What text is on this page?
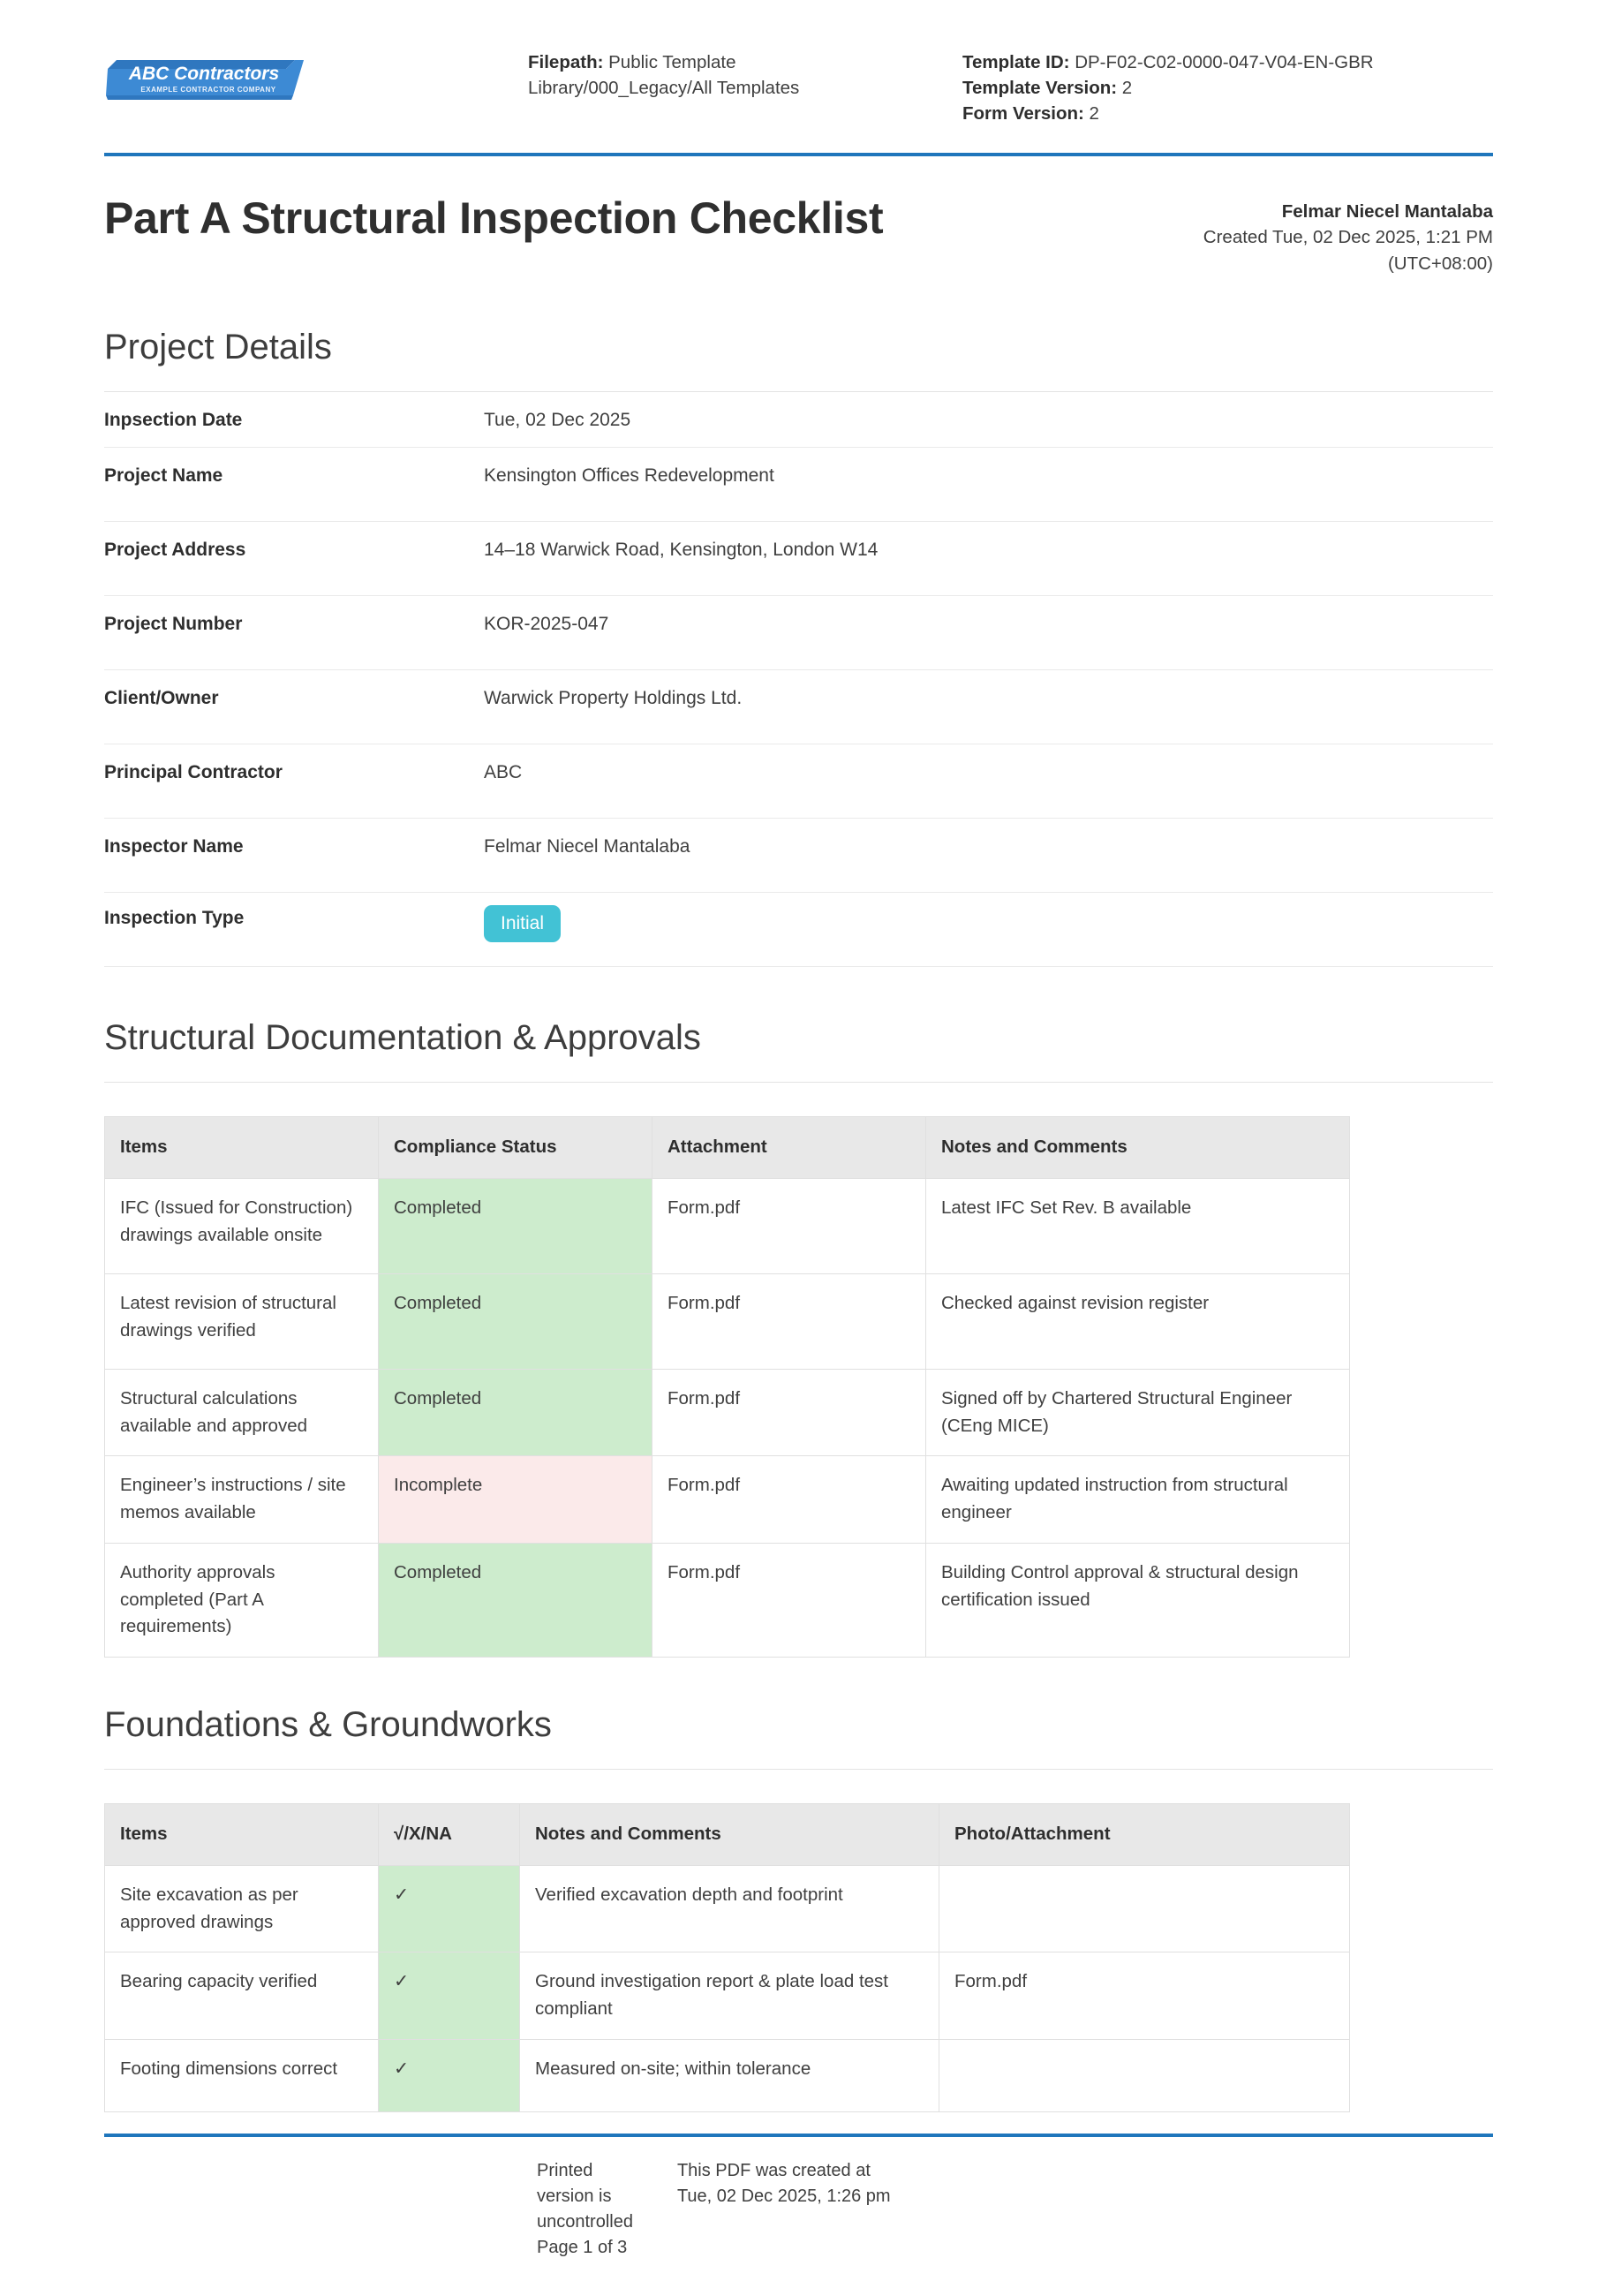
ABC Contractors
EXAMPLE CONTRACTOR COMPANY
Filepath: Public Template Library/000_Legacy/All Templates
Template ID: DP-F02-C02-0000-047-V04-EN-GBR
Template Version: 2
Form Version: 2
Part A Structural Inspection Checklist	Felmar Niecel Mantalaba
Created Tue, 02 Dec 2025, 1:21 PM
(UTC+08:00)
Project Details
Inpsection Date	Tue, 02 Dec 2025
Project Name	Kensington Offices Redevelopment
Project Address	14–18 Warwick Road, Kensington, London W14
Project Number	KOR-2025-047
Client/Owner	Warwick Property Holdings Ltd.
Principal Contractor	ABC
Inspector Name	Felmar Niecel Mantalaba
Inspection Type	Initial
Structural Documentation & Approvals
Items	Compliance Status	Attachment	Notes and Comments
IFC (Issued for Construction) drawings available onsite	Completed	Form.pdf	Latest IFC Set Rev. B available
Latest revision of structural drawings verified	Completed	Form.pdf	Checked against revision register
Structural calculations available and approved	Completed	Form.pdf	Signed off by Chartered Structural Engineer (CEng MICE)
Engineer’s instructions / site memos available	Incomplete	Form.pdf	Awaiting updated instruction from structural engineer
Authority approvals completed (Part A requirements)	Completed	Form.pdf	Building Control approval & structural design certification issued
Foundations & Groundworks
Items	√/X/NA	Notes and Comments	Photo/Attachment
Site excavation as per approved drawings	✓	Verified excavation depth and footprint	
Bearing capacity verified	✓	Ground investigation report & plate load test compliant	Form.pdf
Footing dimensions correct	✓	Measured on-site; within tolerance	
Printed version is uncontrolled
Page 1 of 3
This PDF was created at
Tue, 02 Dec 2025, 1:26 pm
